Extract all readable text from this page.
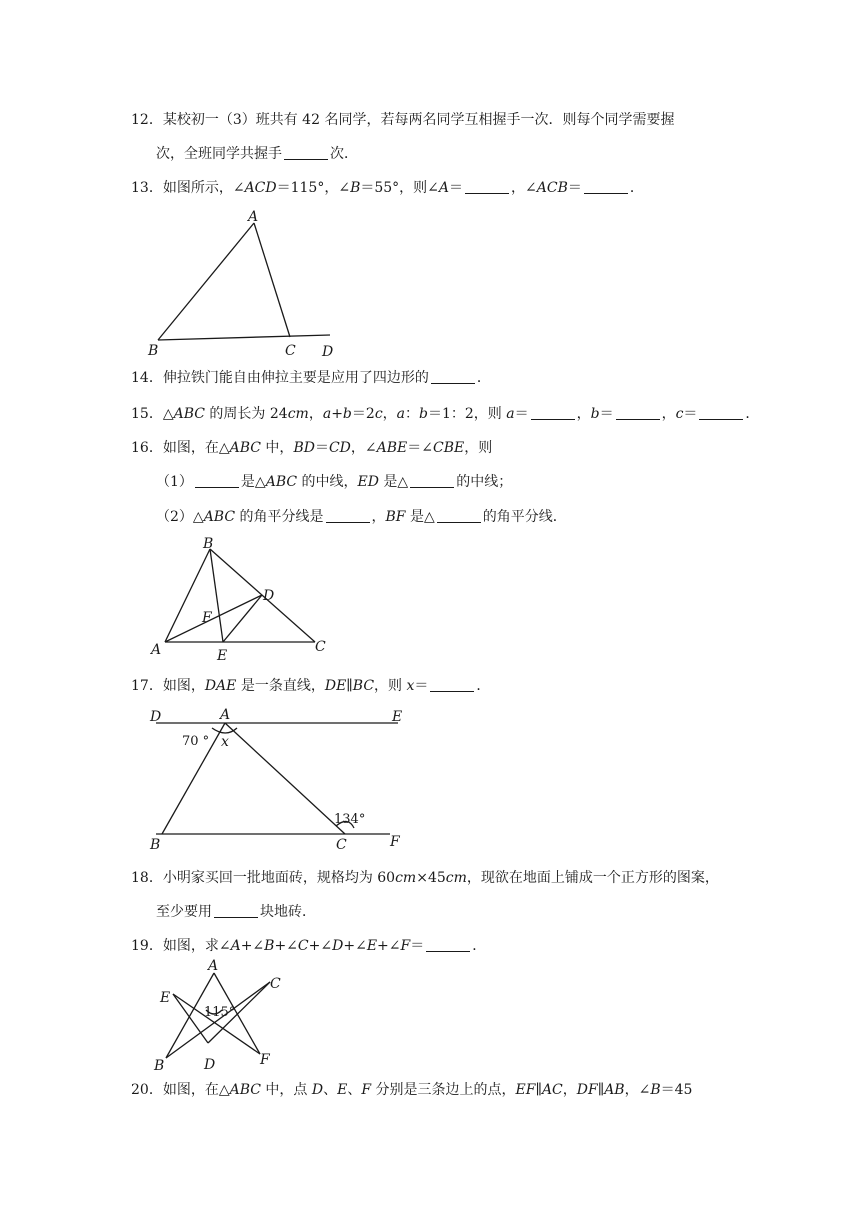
12．某校初一（3）班共有 42 名同学，若每两名同学互相握手一次．则每个同学需要握
次，全班同学共握手	次．
13．如图所示，∠ACD＝115°，∠B＝55°，则∠A＝	，∠ACB＝	．
A
B	C D
14．伸拉铁门能自由伸拉主要是应用了四边形的	．
15．△ABC 的周长为 24cm，a+b＝2c，a：b＝1：2，则 a＝	，b＝	，c＝	．
16．如图，在△ABC 中，BD＝CD，∠ABE＝∠CBE，则
（1）	是△ABC 的中线，ED 是△	的中线；
（2）△ABC 的角平分线是	，BF 是△	的角平分线．
B
D
F
A	E
C
17．如图，DAE 是一条直线，DE∥BC，则 x＝	．
D	A	E
70 ° x
134°
B	C	F
18．小明家买回一批地面砖，规格均为 60cm×45cm，现欲在地面上铺成一个正方形的图案，
至少要用	块地砖．
19．如图，求∠A+∠B+∠C+∠D+∠E+∠F＝	．
A
C
E
115°
B	D	F
20．如图，在△ABC 中，点 D、E、F 分别是三条边上的点，EF∥AC，DF∥AB，∠B＝45
